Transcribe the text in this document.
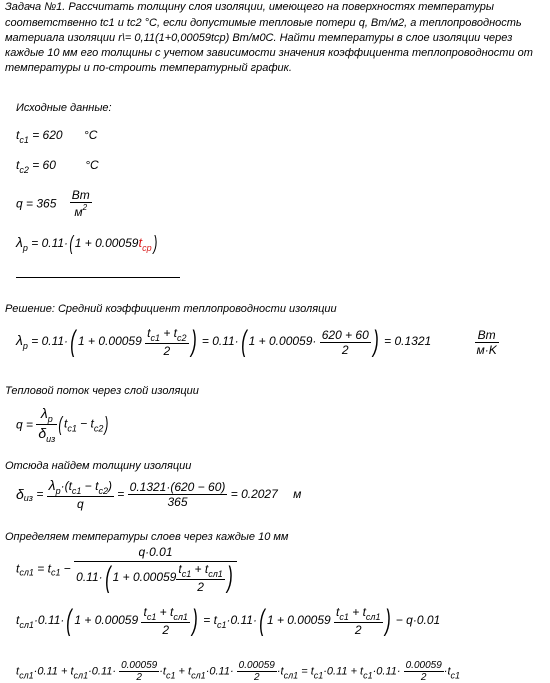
Задача №1. Рассчитать толщину слоя изоляции, имеющего на поверхностях температуры
соответственно tc1 и tc2 °C, если допустимые тепловые потери q, Вт/м2, а теплопроводность
материала изоляции r\= 0,11(1+0,00059tср) Вт/м0С. Найти температуры в слое изоляции через
каждые 10 мм его толщины с учетом зависимости значения коэффициента теплопроводности от
температуры и по-строить температурный график.
Исходные данные:
$t_{c1} = 620$ °C
$t_{c2} = 60$ °C
$q = 365 \frac{Вт}{м^2}$
$\lambda_p = 0.11\cdot(1 + 0.00059t_{cp})$
Решение: Средний коэффициент теплопроводности изоляции
$\lambda_p = 0.11\cdot$( $1 + 0.00059 \frac{t_{c1} + t_{c2}}{2}$ ) = 0.11·( $1 + 0.00059\cdot \frac{620 + 60}{2}$ ) = 0.1321	$\frac{Вт}{м\cdot K}$
Тепловой поток через слой изоляции
$q = \frac{\lambda_p}{\delta_{из}} (t_{c1} - t_{c2})$
Отсюда найдем толщину изоляции
$\delta_{из} = \frac{\lambda_p\cdot(t_{c1} - t_{c2})}{q} = \frac{0.1321\cdot(620 - 60)}{365} = 0.2027$ м
Определяем температуры слоев через каждые 10 мм
$t_{сл1} = t_{c1} - \frac{q\cdot 0.01}{0.11\cdot( 1 + 0.00059 \frac{t_{c1} + t_{сл1}}{2} )}$
$t_{сл1}\cdot 0.11\cdot$( $1 + 0.00059 \frac{t_{c1} + t_{сл1}}{2}$ ) = $t_{c1}\cdot 0.11\cdot$( $1 + 0.00059 \frac{t_{c1} + t_{сл1}}{2}$ ) − q·0.01
$t_{сл1}\cdot 0.11 + t_{сл1}\cdot 0.11\cdot \frac{0.00059}{2} \cdot t_{c1} + t_{сл1}\cdot 0.11\cdot \frac{0.00059}{2} \cdot t_{сл1} = t_{c1}\cdot 0.11 + t_{c1}\cdot 0.11\cdot \frac{0.00059}{2} \cdot t_{c1}$
